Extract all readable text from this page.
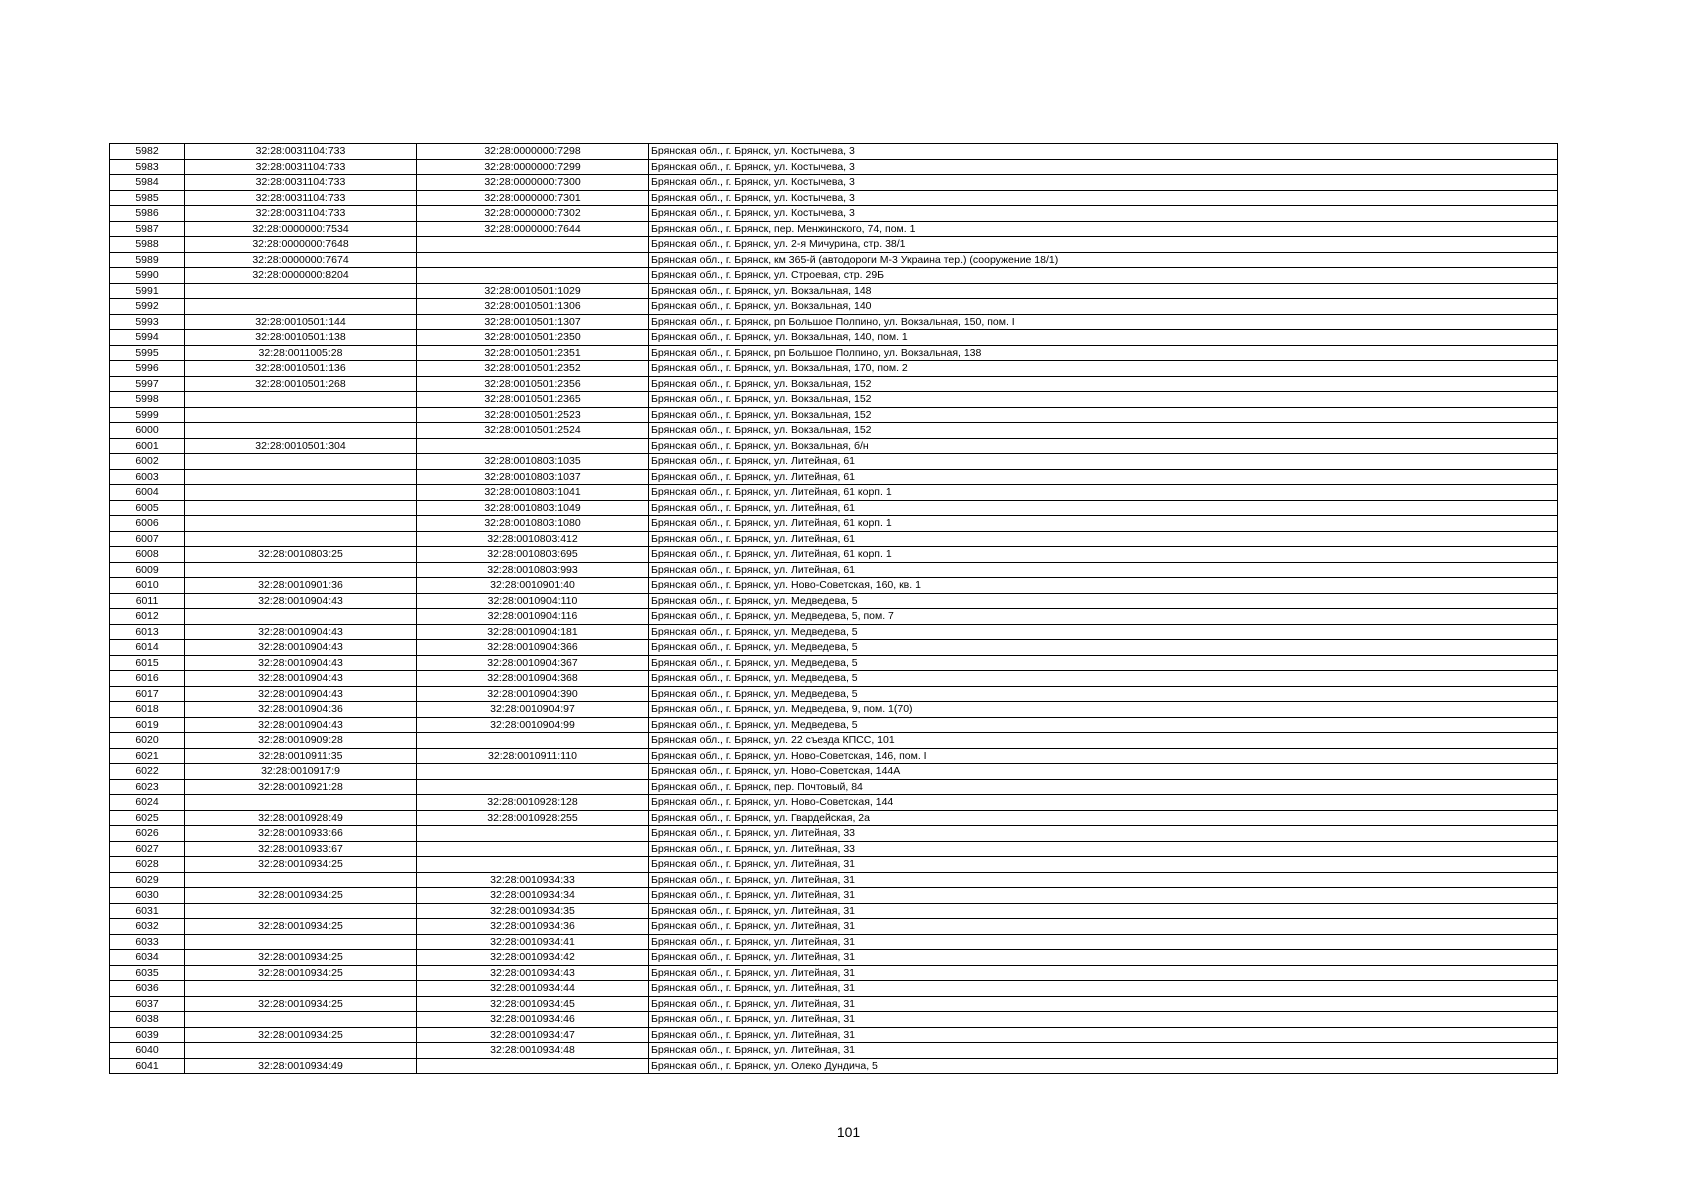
5982	32:28:0031104:733	32:28:0000000:7298	Брянская обл., г. Брянск, ул. Костычева, 3
5983	32:28:0031104:733	32:28:0000000:7299	Брянская обл., г. Брянск, ул. Костычева, 3
5984	32:28:0031104:733	32:28:0000000:7300	Брянская обл., г. Брянск, ул. Костычева, 3
5985	32:28:0031104:733	32:28:0000000:7301	Брянская обл., г. Брянск, ул. Костычева, 3
5986	32:28:0031104:733	32:28:0000000:7302	Брянская обл., г. Брянск, ул. Костычева, 3
5987	32:28:0000000:7534	32:28:0000000:7644	Брянская обл., г. Брянск, пер. Менжинского, 74, пом. 1
5988	32:28:0000000:7648		Брянская обл., г. Брянск, ул. 2-я Мичурина, стр. 38/1
5989	32:28:0000000:7674		Брянская обл., г. Брянск, км 365-й (автодороги М-3 Украина тер.) (сооружение 18/1)
5990	32:28:0000000:8204		Брянская обл., г. Брянск, ул. Строевая, стр. 29Б
5991		32:28:0010501:1029	Брянская обл., г. Брянск, ул. Вокзальная, 148
5992		32:28:0010501:1306	Брянская обл., г. Брянск, ул. Вокзальная, 140
5993	32:28:0010501:144	32:28:0010501:1307	Брянская обл., г. Брянск, рп Большое Полпино, ул. Вокзальная, 150, пом. I
5994	32:28:0010501:138	32:28:0010501:2350	Брянская обл., г. Брянск, ул. Вокзальная, 140, пом. 1
5995	32:28:0011005:28	32:28:0010501:2351	Брянская обл., г. Брянск, рп Большое Полпино, ул. Вокзальная, 138
5996	32:28:0010501:136	32:28:0010501:2352	Брянская обл., г. Брянск, ул. Вокзальная, 170, пом. 2
5997	32:28:0010501:268	32:28:0010501:2356	Брянская обл., г. Брянск, ул. Вокзальная, 152
5998		32:28:0010501:2365	Брянская обл., г. Брянск, ул. Вокзальная, 152
5999		32:28:0010501:2523	Брянская обл., г. Брянск, ул. Вокзальная, 152
6000		32:28:0010501:2524	Брянская обл., г. Брянск, ул. Вокзальная, 152
6001	32:28:0010501:304		Брянская обл., г. Брянск, ул. Вокзальная, б/н
6002		32:28:0010803:1035	Брянская обл., г. Брянск, ул. Литейная, 61
6003		32:28:0010803:1037	Брянская обл., г. Брянск, ул. Литейная, 61
6004		32:28:0010803:1041	Брянская обл., г. Брянск, ул. Литейная, 61 корп. 1
6005		32:28:0010803:1049	Брянская обл., г. Брянск, ул. Литейная, 61
6006		32:28:0010803:1080	Брянская обл., г. Брянск, ул. Литейная, 61 корп. 1
6007		32:28:0010803:412	Брянская обл., г. Брянск, ул. Литейная, 61
6008	32:28:0010803:25	32:28:0010803:695	Брянская обл., г. Брянск, ул. Литейная, 61 корп. 1
6009		32:28:0010803:993	Брянская обл., г. Брянск, ул. Литейная, 61
6010	32:28:0010901:36	32:28:0010901:40	Брянская обл., г. Брянск, ул. Ново-Советская, 160, кв. 1
6011	32:28:0010904:43	32:28:0010904:110	Брянская обл., г. Брянск, ул. Медведева, 5
6012		32:28:0010904:116	Брянская обл., г. Брянск, ул. Медведева, 5, пом. 7
6013	32:28:0010904:43	32:28:0010904:181	Брянская обл., г. Брянск, ул. Медведева, 5
6014	32:28:0010904:43	32:28:0010904:366	Брянская обл., г. Брянск, ул. Медведева, 5
6015	32:28:0010904:43	32:28:0010904:367	Брянская обл., г. Брянск, ул. Медведева, 5
6016	32:28:0010904:43	32:28:0010904:368	Брянская обл., г. Брянск, ул. Медведева, 5
6017	32:28:0010904:43	32:28:0010904:390	Брянская обл., г. Брянск, ул. Медведева, 5
6018	32:28:0010904:36	32:28:0010904:97	Брянская обл., г. Брянск, ул. Медведева, 9, пом. 1(70)
6019	32:28:0010904:43	32:28:0010904:99	Брянская обл., г. Брянск, ул. Медведева, 5
6020	32:28:0010909:28		Брянская обл., г. Брянск, ул. 22 съезда КПСС, 101
6021	32:28:0010911:35	32:28:0010911:110	Брянская обл., г. Брянск, ул. Ново-Советская, 146, пом. I
6022	32:28:0010917:9		Брянская обл., г. Брянск, ул. Ново-Советская, 144А
6023	32:28:0010921:28		Брянская обл., г. Брянск, пер. Почтовый, 84
6024		32:28:0010928:128	Брянская обл., г. Брянск, ул. Ново-Советская, 144
6025	32:28:0010928:49	32:28:0010928:255	Брянская обл., г. Брянск, ул. Гвардейская, 2а
6026	32:28:0010933:66		Брянская обл., г. Брянск, ул. Литейная, 33
6027	32:28:0010933:67		Брянская обл., г. Брянск, ул. Литейная, 33
6028	32:28:0010934:25		Брянская обл., г. Брянск, ул. Литейная, 31
6029		32:28:0010934:33	Брянская обл., г. Брянск, ул. Литейная, 31
6030	32:28:0010934:25	32:28:0010934:34	Брянская обл., г. Брянск, ул. Литейная, 31
6031		32:28:0010934:35	Брянская обл., г. Брянск, ул. Литейная, 31
6032	32:28:0010934:25	32:28:0010934:36	Брянская обл., г. Брянск, ул. Литейная, 31
6033		32:28:0010934:41	Брянская обл., г. Брянск, ул. Литейная, 31
6034	32:28:0010934:25	32:28:0010934:42	Брянская обл., г. Брянск, ул. Литейная, 31
6035	32:28:0010934:25	32:28:0010934:43	Брянская обл., г. Брянск, ул. Литейная, 31
6036		32:28:0010934:44	Брянская обл., г. Брянск, ул. Литейная, 31
6037	32:28:0010934:25	32:28:0010934:45	Брянская обл., г. Брянск, ул. Литейная, 31
6038		32:28:0010934:46	Брянская обл., г. Брянск, ул. Литейная, 31
6039	32:28:0010934:25	32:28:0010934:47	Брянская обл., г. Брянск, ул. Литейная, 31
6040		32:28:0010934:48	Брянская обл., г. Брянск, ул. Литейная, 31
6041	32:28:0010934:49		Брянская обл., г. Брянск, ул. Олеко Дундича, 5
101
